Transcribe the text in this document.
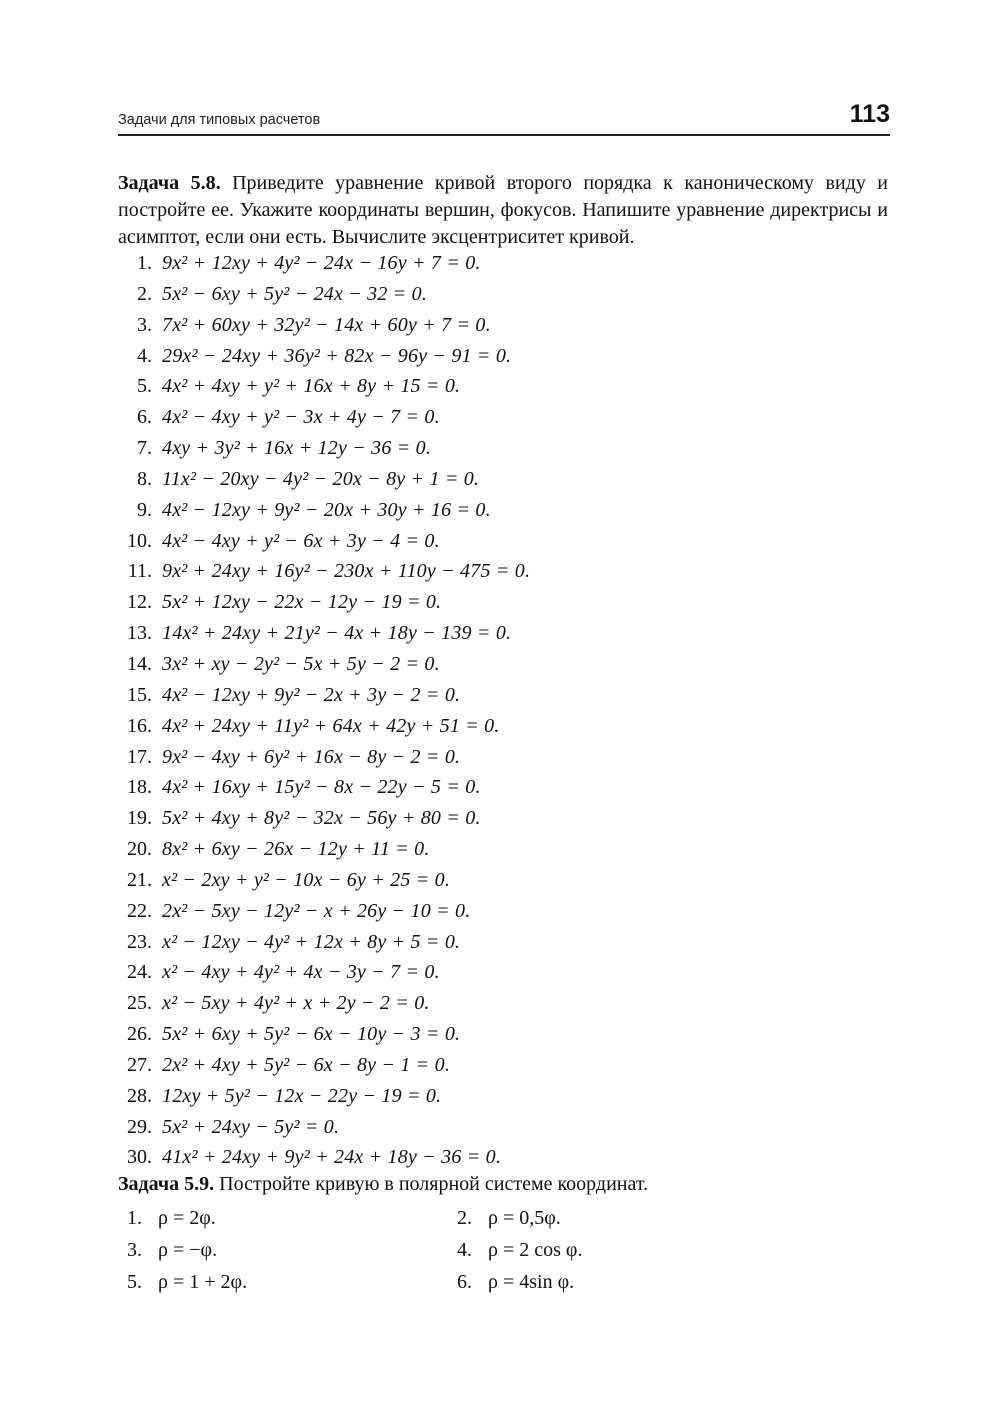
Задачи для типовых расчетов	113
Задача 5.8. Приведите уравнение кривой второго порядка к каноническому виду и постройте ее. Укажите координаты вершин, фокусов. Напишите уравнение директрисы и асимптот, если они есть. Вычислите эксцентриситет кривой.
1. 9x² + 12xy + 4y² − 24x − 16y + 7 = 0.
2. 5x² − 6xy + 5y² − 24x − 32 = 0.
3. 7x² + 60xy + 32y² − 14x + 60y + 7 = 0.
4. 29x² − 24xy + 36y² + 82x − 96y − 91 = 0.
5. 4x² + 4xy + y² + 16x + 8y + 15 = 0.
6. 4x² − 4xy + y² − 3x + 4y − 7 = 0.
7. 4xy + 3y² + 16x + 12y − 36 = 0.
8. 11x² − 20xy − 4y² − 20x − 8y + 1 = 0.
9. 4x² − 12xy + 9y² − 20x + 30y + 16 = 0.
10. 4x² − 4xy + y² − 6x + 3y − 4 = 0.
11. 9x² + 24xy + 16y² − 230x + 110y − 475 = 0.
12. 5x² + 12xy − 22x − 12y − 19 = 0.
13. 14x² + 24xy + 21y² − 4x + 18y − 139 = 0.
14. 3x² + xy − 2y² − 5x + 5y − 2 = 0.
15. 4x² − 12xy + 9y² − 2x + 3y − 2 = 0.
16. 4x² + 24xy + 11y² + 64x + 42y + 51 = 0.
17. 9x² − 4xy + 6y² + 16x − 8y − 2 = 0.
18. 4x² + 16xy + 15y² − 8x − 22y − 5 = 0.
19. 5x² + 4xy + 8y² − 32x − 56y + 80 = 0.
20. 8x² + 6xy − 26x − 12y + 11 = 0.
21. x² − 2xy + y² − 10x − 6y + 25 = 0.
22. 2x² − 5xy − 12y² − x + 26y − 10 = 0.
23. x² − 12xy − 4y² + 12x + 8y + 5 = 0.
24. x² − 4xy + 4y² + 4x − 3y − 7 = 0.
25. x² − 5xy + 4y² + x + 2y − 2 = 0.
26. 5x² + 6xy + 5y² − 6x − 10y − 3 = 0.
27. 2x² + 4xy + 5y² − 6x − 8y − 1 = 0.
28. 12xy + 5y² − 12x − 22y − 19 = 0.
29. 5x² + 24xy − 5y² = 0.
30. 41x² + 24xy + 9y² + 24x + 18y − 36 = 0.
Задача 5.9. Постройте кривую в полярной системе координат.
1. ρ = 2φ.	2. ρ = 0,5φ.
3. ρ = −φ.	4. ρ = 2 cos φ.
5. ρ = 1 + 2φ.	6. ρ = 4sin φ.
